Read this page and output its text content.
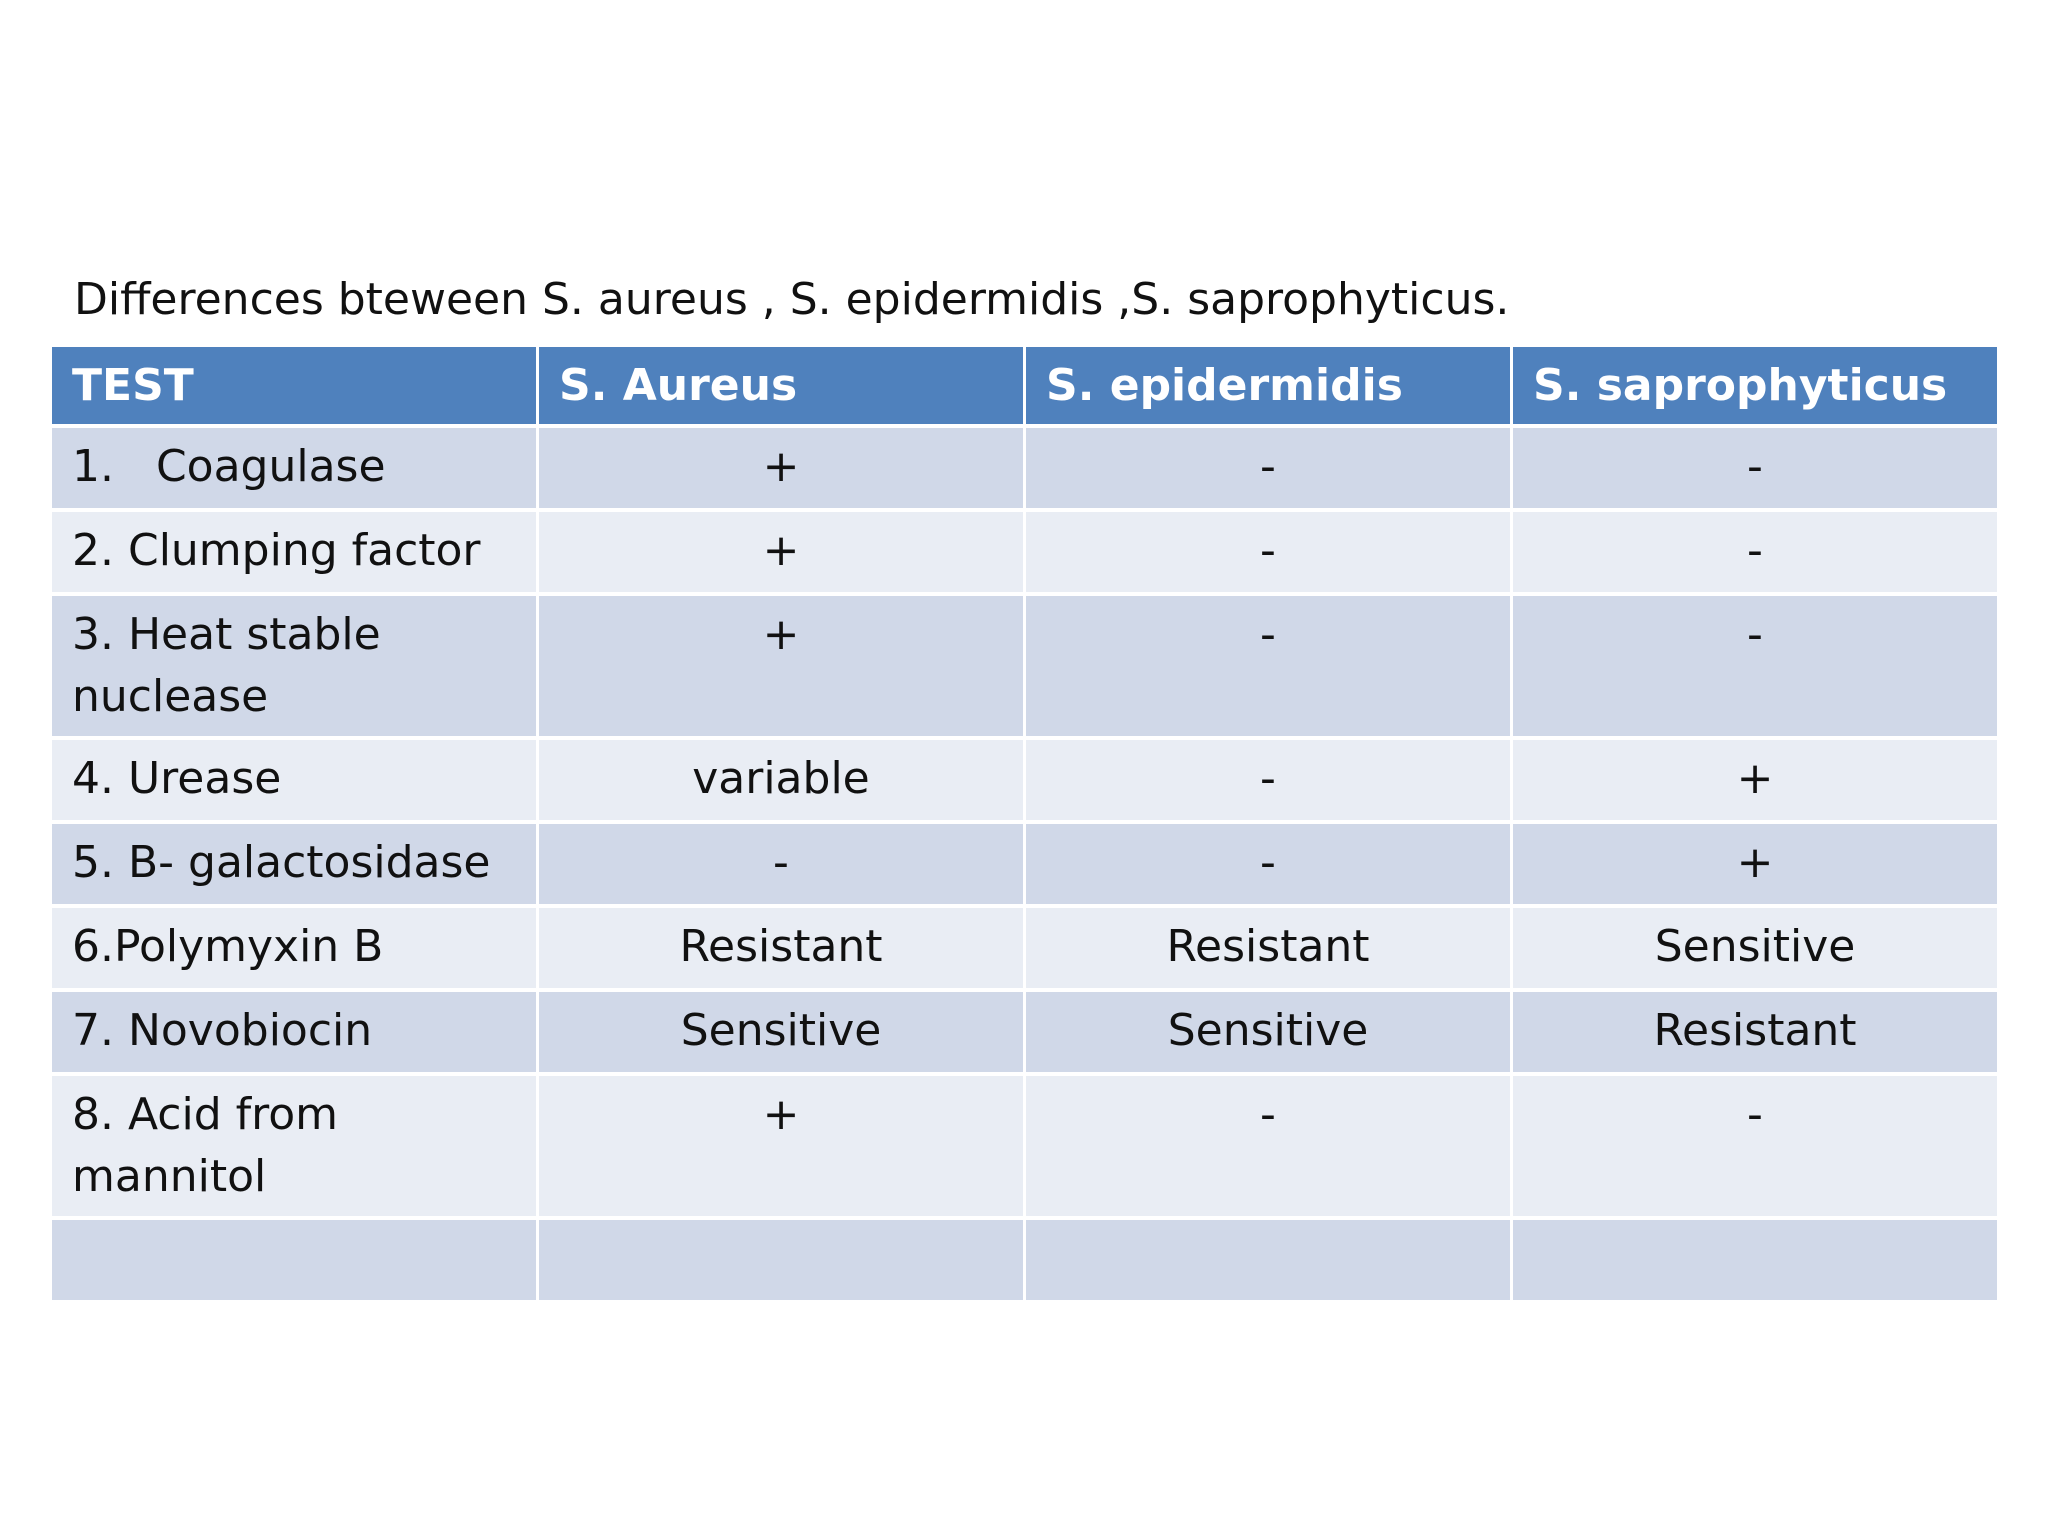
Differences bteween S. aureus , S. epidermidis ,S. saprophyticus.
TEST	S. Aureus	S. epidermidis	S. saprophyticus
1.   Coagulase	+	-	-
2. Clumping factor	+	-	-
3. Heat stable nuclease	+	-	-
4. Urease	variable	-	+
5. B- galactosidase	-	-	+
6.Polymyxin B	Resistant	Resistant	Sensitive
7. Novobiocin	Sensitive	Sensitive	Resistant
8. Acid from mannitol	+	-	-
